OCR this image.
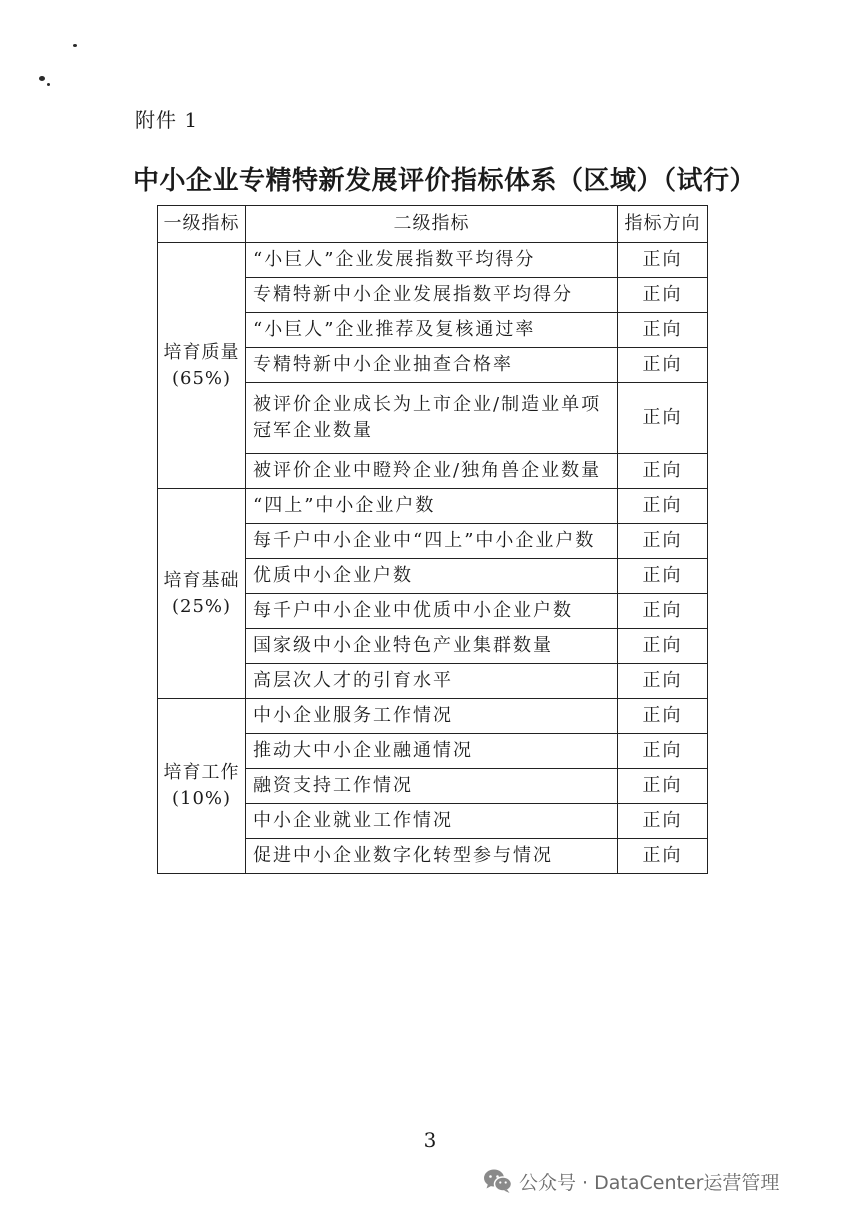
附件 1
中小企业专精特新发展评价指标体系（区域）（试行）
一级指标	二级指标	指标方向

培育质量
(65%)	“小巨人”企业发展指数平均得分	正向
	专精特新中小企业发展指数平均得分	正向
	“小巨人”企业推荐及复核通过率	正向
	专精特新中小企业抽查合格率	正向
	被评价企业成长为上市企业/制造业单项冠军企业数量	正向
	被评价企业中瞪羚企业/独角兽企业数量	正向

培育基础
(25%)	“四上”中小企业户数	正向
	每千户中小企业中“四上”中小企业户数	正向
	优质中小企业户数	正向
	每千户中小企业中优质中小企业户数	正向
	国家级中小企业特色产业集群数量	正向
	高层次人才的引育水平	正向

培育工作
(10%)	中小企业服务工作情况	正向
	推动大中小企业融通情况	正向
	融资支持工作情况	正向
	中小企业就业工作情况	正向
	促进中小企业数字化转型参与情况	正向
3
公众号 · DataCenter运营管理
